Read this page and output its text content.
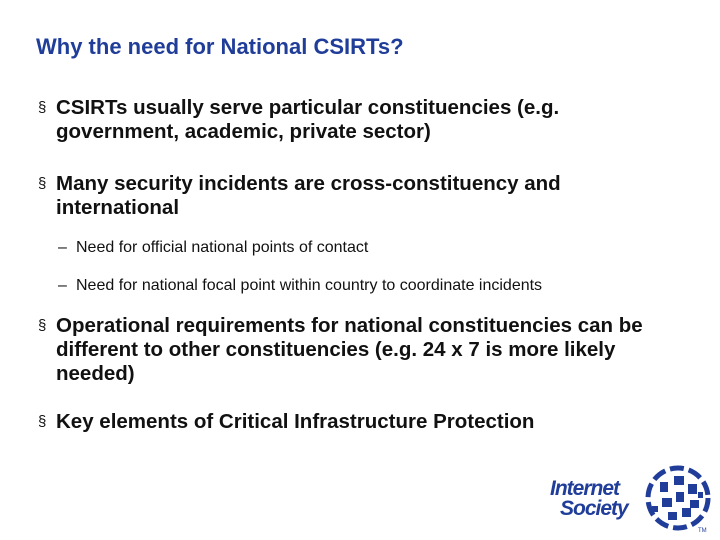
Why the need for National CSIRTs?
§ CSIRTs usually serve particular constituencies (e.g. government, academic, private sector)
§ Many security incidents are cross-constituency and international
– Need for official national points of contact
– Need for national focal point within country to coordinate incidents
§ Operational requirements for national constituencies can be different to other constituencies (e.g. 24 x 7 is more likely needed)
§ Key elements of Critical Infrastructure Protection
Internet
Society
TM
